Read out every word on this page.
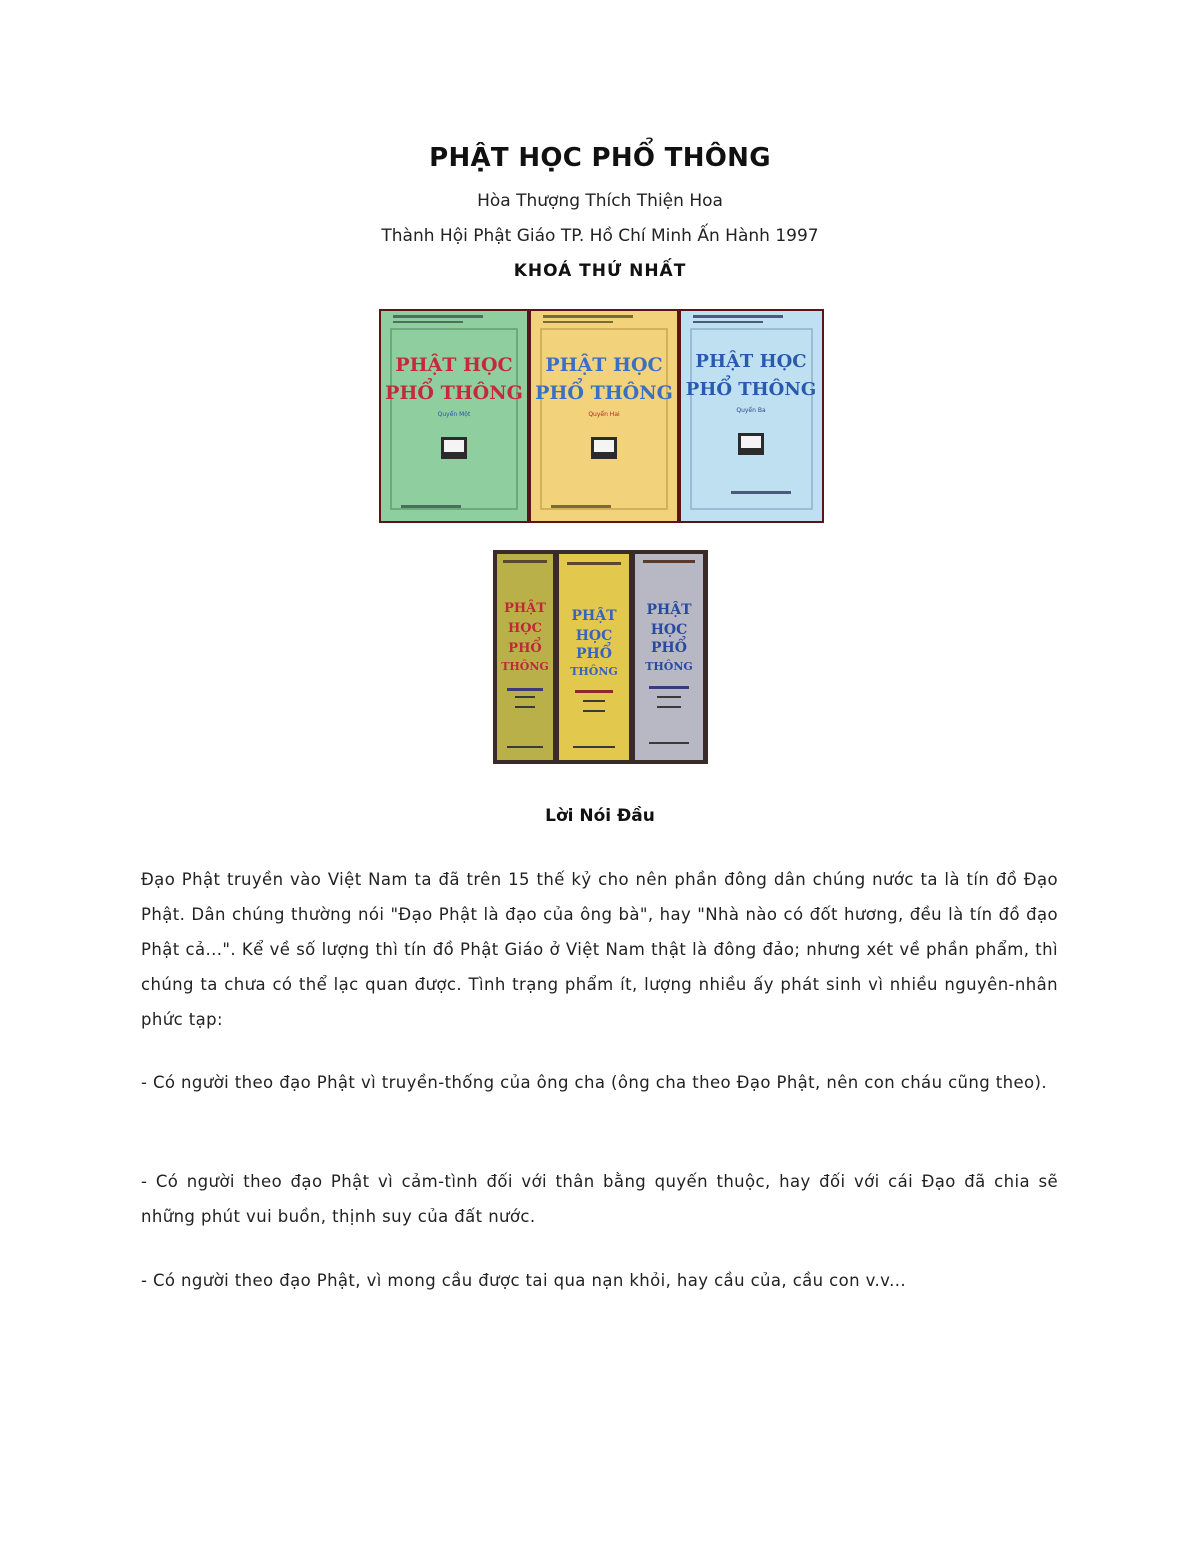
PHẬT HỌC PHỔ THÔNG
Hòa Thượng Thích Thiện Hoa
Thành Hội Phật Giáo TP. Hồ Chí Minh Ấn Hành 1997
KHOÁ THỨ NHẤT
PHẬT HỌC
PHỔ THÔNG
Quyển Một
PHẬT HỌC
PHỔ THÔNG
Quyển Hai
PHẬT HỌC
PHỔ THÔNG
Quyển Ba
PHẬT
HỌC
PHỔ
THÔNG
PHẬT
HỌC
PHỔ
THÔNG
PHẬT
HỌC
PHỔ
THÔNG
Lời Nói Đầu

Đạo Phật truyền vào Việt Nam ta đã trên 15 thế kỷ cho nên phần đông dân chúng nước ta là tín đồ Đạo Phật. Dân chúng thường nói "Đạo Phật là đạo của ông bà", hay "Nhà nào có đốt hương, đều là tín đồ đạo Phật cả...". Kể về số lượng thì tín đồ Phật Giáo ở Việt Nam thật là đông đảo; nhưng xét về phần phẩm, thì chúng ta chưa có thể lạc quan được. Tình trạng phẩm ít, lượng nhiều ấy phát sinh vì nhiều nguyên-nhân phức tạp:

- Có người theo đạo Phật vì truyền-thống của ông cha (ông cha theo Đạo Phật, nên con cháu cũng theo).

- Có người theo đạo Phật vì cảm-tình đối với thân bằng quyến thuộc, hay đối với cái Đạo đã chia sẽ những phút vui buồn, thịnh suy của đất nước.

- Có người theo đạo Phật, vì mong cầu được tai qua nạn khỏi, hay cầu của, cầu con v.v...
